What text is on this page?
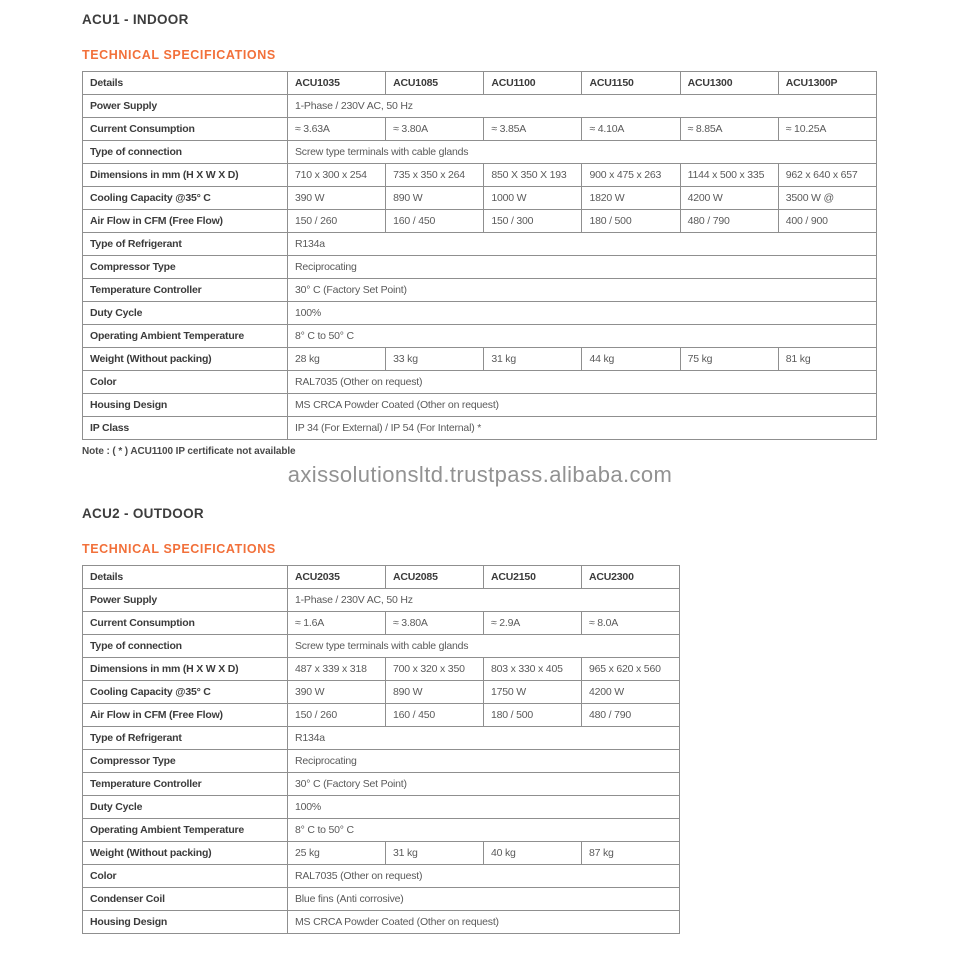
ACU1 - INDOOR
TECHNICAL SPECIFICATIONS
Details	ACU1035	ACU1085	ACU1100	ACU1150	ACU1300	ACU1300P
Power Supply	1-Phase / 230V AC, 50 Hz					
Current Consumption	≈ 3.63A	≈ 3.80A	≈ 3.85A	≈ 4.10A	≈ 8.85A	≈ 10.25A
Type of connection	Screw type terminals with cable glands					
Dimensions in mm (H X W X D)	710 x 300 x 254	735 x 350 x 264	850 X 350 X 193	900 x 475 x 263	1144 x 500 x 335	962 x 640 x 657
Cooling Capacity @35° C	390 W	890 W	1000 W	1820 W	4200 W	3500 W @
Air Flow in CFM (Free Flow)	150 / 260	160 / 450	150 / 300	180 / 500	480 / 790	400 / 900
Type of Refrigerant	R134a					
Compressor Type	Reciprocating					
Temperature Controller	30° C (Factory Set Point)					
Duty Cycle	100%					
Operating Ambient Temperature	8° C to 50° C					
Weight (Without packing)	28 kg	33 kg	31 kg	44 kg	75 kg	81 kg
Color	RAL7035 (Other on request)					
Housing Design	MS CRCA Powder Coated (Other on request)					
IP Class	IP 34 (For External) / IP 54 (For Internal) *					
Note : ( * ) ACU1100 IP certificate not available
axissolutionsltd.trustpass.alibaba.com
ACU2 - OUTDOOR
TECHNICAL SPECIFICATIONS
Details	ACU2035	ACU2085	ACU2150	ACU2300
Power Supply	1-Phase / 230V AC, 50 Hz			
Current Consumption	≈ 1.6A	≈ 3.80A	≈ 2.9A	≈ 8.0A
Type of connection	Screw type terminals with cable glands			
Dimensions in mm (H X W X D)	487 x 339 x 318	700 x 320 x 350	803 x 330 x 405	965 x 620 x 560
Cooling Capacity @35° C	390 W	890 W	1750 W	4200 W
Air Flow in CFM (Free Flow)	150 / 260	160 / 450	180 / 500	480 / 790
Type of Refrigerant	R134a			
Compressor Type	Reciprocating			
Temperature Controller	30° C (Factory Set Point)			
Duty Cycle	100%			
Operating Ambient Temperature	8° C to 50° C			
Weight (Without packing)	25 kg	31 kg	40 kg	87 kg
Color	RAL7035 (Other on request)			
Condenser Coil	Blue fins (Anti corrosive)			
Housing Design	MS CRCA Powder Coated (Other on request)			
